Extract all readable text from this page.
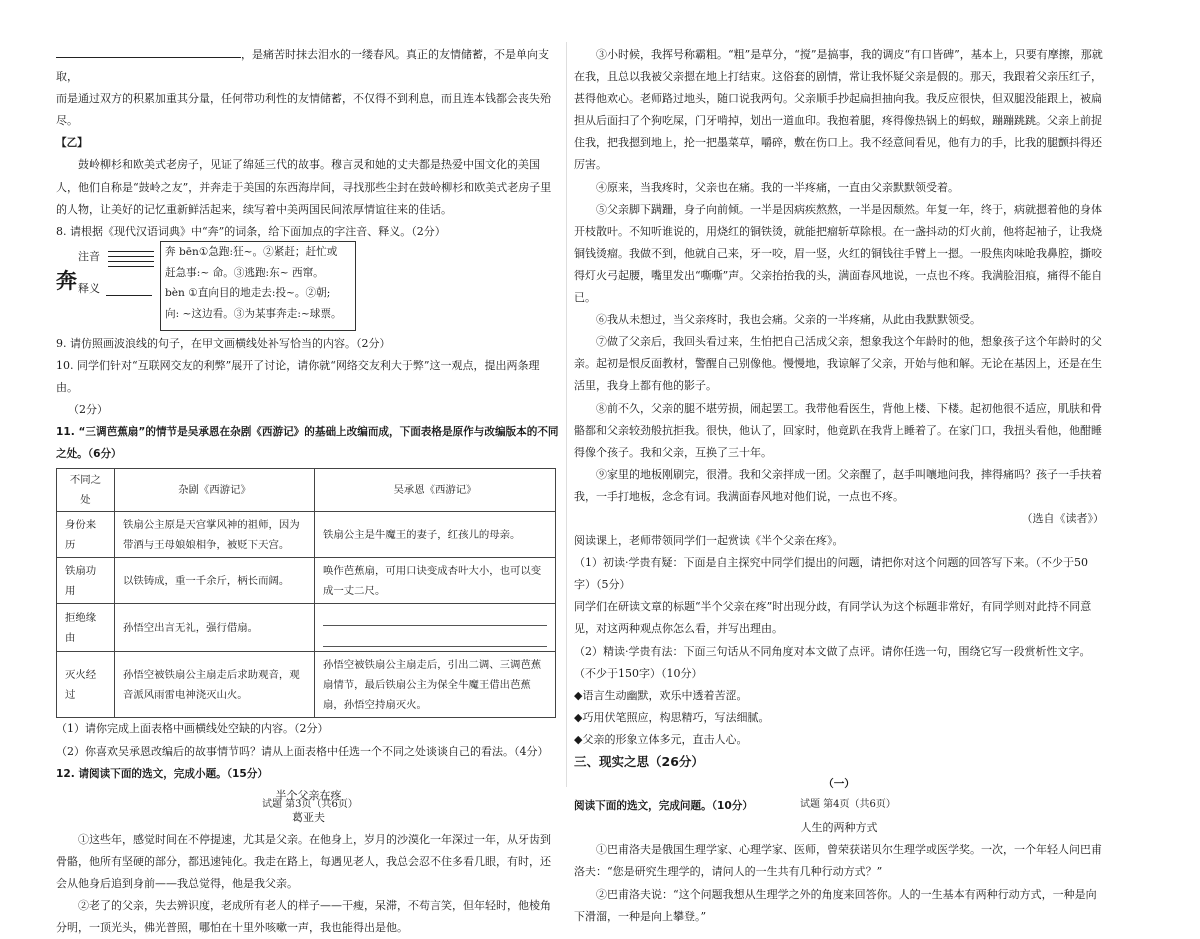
，是痛苦时抹去泪水的一缕春风。真正的友情储蓄，不是单向支取，

而是通过双方的积累加重其分量，任何带功利性的友情储蓄，不仅得不到利息，而且连本钱都会丧失殆尽。

【乙】

鼓岭柳杉和欧美式老房子，见证了绵延三代的故事。穆言灵和她的丈夫都是热爱中国文化的美国人，他们自称是“鼓岭之友”，并奔走于美国的东西海岸间，寻找那些尘封在鼓岭柳杉和欧美式老房子里的人物，让美好的记忆重新鲜活起来，续写着中美两国民间浓厚情谊往来的佳话。

8. 请根据《现代汉语词典》中“奔”的词条，给下面加点的字注音、释义。（2分）

奔
注音
释义
奔 bēn①急跑:狂~。②紧赶；赶忙或
赶急事:~ 命。③逃跑:东~ 西窜。
bèn ①直向目的地走去:投~。②朝;
向: ~这边看。③为某事奔走:~球票。

9. 请仿照画波浪线的句子，在甲文画横线处补写恰当的内容。（2分）

10. 同学们针对“互联网交友的利弊”展开了讨论，请你就“网络交友利大于弊”这一观点，提出两条理由。

（2分）

11. “三调芭蕉扇”的情节是吴承恩在杂剧《西游记》的基础上改编而成，下面表格是原作与改编版本的不同之处。（6分）

不同之处	杂剧《西游记》	吴承恩《西游记》
身份来历	铁扇公主原是天宫掌风神的祖师，因为带酒与王母娘娘相争，被贬下天宫。	铁扇公主是牛魔王的妻子，红孩儿的母亲。
铁扇功用	以铁铸成，重一千余斤，柄长而阔。	唤作芭蕉扇，可用口诀变成杏叶大小，也可以变成一丈二尺。
拒绝缘由	孙悟空出言无礼，强行借扇。	

灭火经过	孙悟空被铁扇公主扇走后求助观音，观音派风雨雷电神浇灭山火。	孙悟空被铁扇公主扇走后，引出二调、三调芭蕉扇情节，最后铁扇公主为保全牛魔王借出芭蕉扇，孙悟空持扇灭火。

（1）请你完成上面表格中画横线处空缺的内容。（2分）

（2）你喜欢吴承恩改编后的故事情节吗？请从上面表格中任选一个不同之处谈谈自己的看法。（4分）

12. 请阅读下面的选文，完成小题。（15分）

半个父亲在疼

葛亚夫

①这些年，感觉时间在不停提速，尤其是父亲。在他身上，岁月的沙漠化一年深过一年，从牙齿到骨骼，他所有坚硬的部分，都迅速钝化。我走在路上，每遇见老人，我总会忍不住多看几眼，有时，还会从他身后追到身前——我总觉得，他是我父亲。

②老了的父亲，失去辨识度，老成所有老人的样子——干瘦，呆滞，不苟言笑，但年轻时，他棱角分明，一顶光头，佛光普照，哪怕在十里外咳嗽一声，我也能得出是他。

③小时候，我挥号称霸粗。“粗”是草分，“搅”是搞事，我的调皮“有口皆碑”，基本上，只要有摩擦，那就在我，且总以我被父亲摁在地上打结束。这俗套的剧情，常让我怀疑父亲是假的。那天，我跟着父亲压红子，甚得他欢心。老师路过地头，随口说我两句。父亲顺手抄起扁担抽向我。我反应很快，但双腿没能跟上，被扁担从后面扫了个狗吃屎，门牙啃掉，划出一道血印。我抱着腿，疼得像热锅上的蚂蚁，蹦蹦跳跳。父亲上前捉住我，把我摁到地上，抡一把墨菜草，嚼碎，敷在伤口上。我不经意间看见，他有力的手，比我的腿颤抖得还厉害。

④原来，当我疼时，父亲也在痛。我的一半疼痛，一直由父亲默默领受着。

⑤父亲脚下蹒跚，身子向前倾。一半是因病疾熬熬，一半是因颓然。年复一年，终于，病就摁着他的身体开枝散叶。不知听谁说的，用烧红的铜铁烫，就能把瘤斩草除根。在一盏抖动的灯火前，他将起袖子，让我烧铜钱烫瘤。我做不到，他就自己来，牙一咬，眉一竖，火红的铜钱往手臂上一摁。一股焦肉味呛我鼻腔，撕咬得灯火弓起腰，嘴里发出“嘶嘶”声。父亲抬抬我的头，满面春风地说，一点也不疼。我满脸泪痕，痛得不能自已。

⑥我从未想过，当父亲疼时，我也会痛。父亲的一半疼痛，从此由我默默领受。

⑦做了父亲后，我回头看过来，生怕把自己活成父亲，想象我这个年龄时的他，想象孩子这个年龄时的父亲。起初是恨反面教材，警醒自己别像他。慢慢地，我谅解了父亲，开始与他和解。无论在基因上，还是在生活里，我身上都有他的影子。

⑧前不久，父亲的腿不堪劳损，闹起罢工。我带他看医生，背他上楼、下楼。起初他很不适应，肌肤和骨骼都和父亲较劲般抗拒我。很快，他认了，回家时，他竟趴在我背上睡着了。在家门口，我扭头看他，他酣睡得像个孩子。我和父亲，互换了三十年。

⑨家里的地板刚刷完，很滑。我和父亲拌成一团。父亲醒了，赵手叫嚷地问我，摔得痛吗？孩子一手扶着我，一手打地板，念念有词。我满面春风地对他们说，一点也不疼。

（选自《读者》）

阅读课上，老师带领同学们一起赏读《半个父亲在疼》。

（1）初读·学贵有疑：下面是自主探究中同学们提出的问题，请把你对这个问题的回答写下来。（不少于50字）（5分）

同学们在研读文章的标题“半个父亲在疼”时出现分歧，有同学认为这个标题非常好，有同学则对此持不同意见，对这两种观点你怎么看，并写出理由。

（2）精读·学贵有法：下面三句话从不同角度对本文做了点评。请你任选一句，围绕它写一段赏析性文字。（不少于150字）（10分）

◆语言生动幽默，欢乐中透着苦涩。

◆巧用伏笔照应，构思精巧，写法细腻。

◆父亲的形象立体多元，直击人心。

三、现实之思（26分）

（一）

阅读下面的选文，完成问题。（10分）

人生的两种方式

①巴甫洛夫是俄国生理学家、心理学家、医师，曾荣获诺贝尔生理学或医学奖。一次，一个年轻人问巴甫洛夫：“您是研究生理学的，请问人的一生共有几种行动方式？”

②巴甫洛夫说：“这个问题我想从生理学之外的角度来回答你。人的一生基本有两种行动方式，一种是向下滑溜，一种是向上攀登。”

试题 第3页（共6页）	试题 第4页（共6页）
